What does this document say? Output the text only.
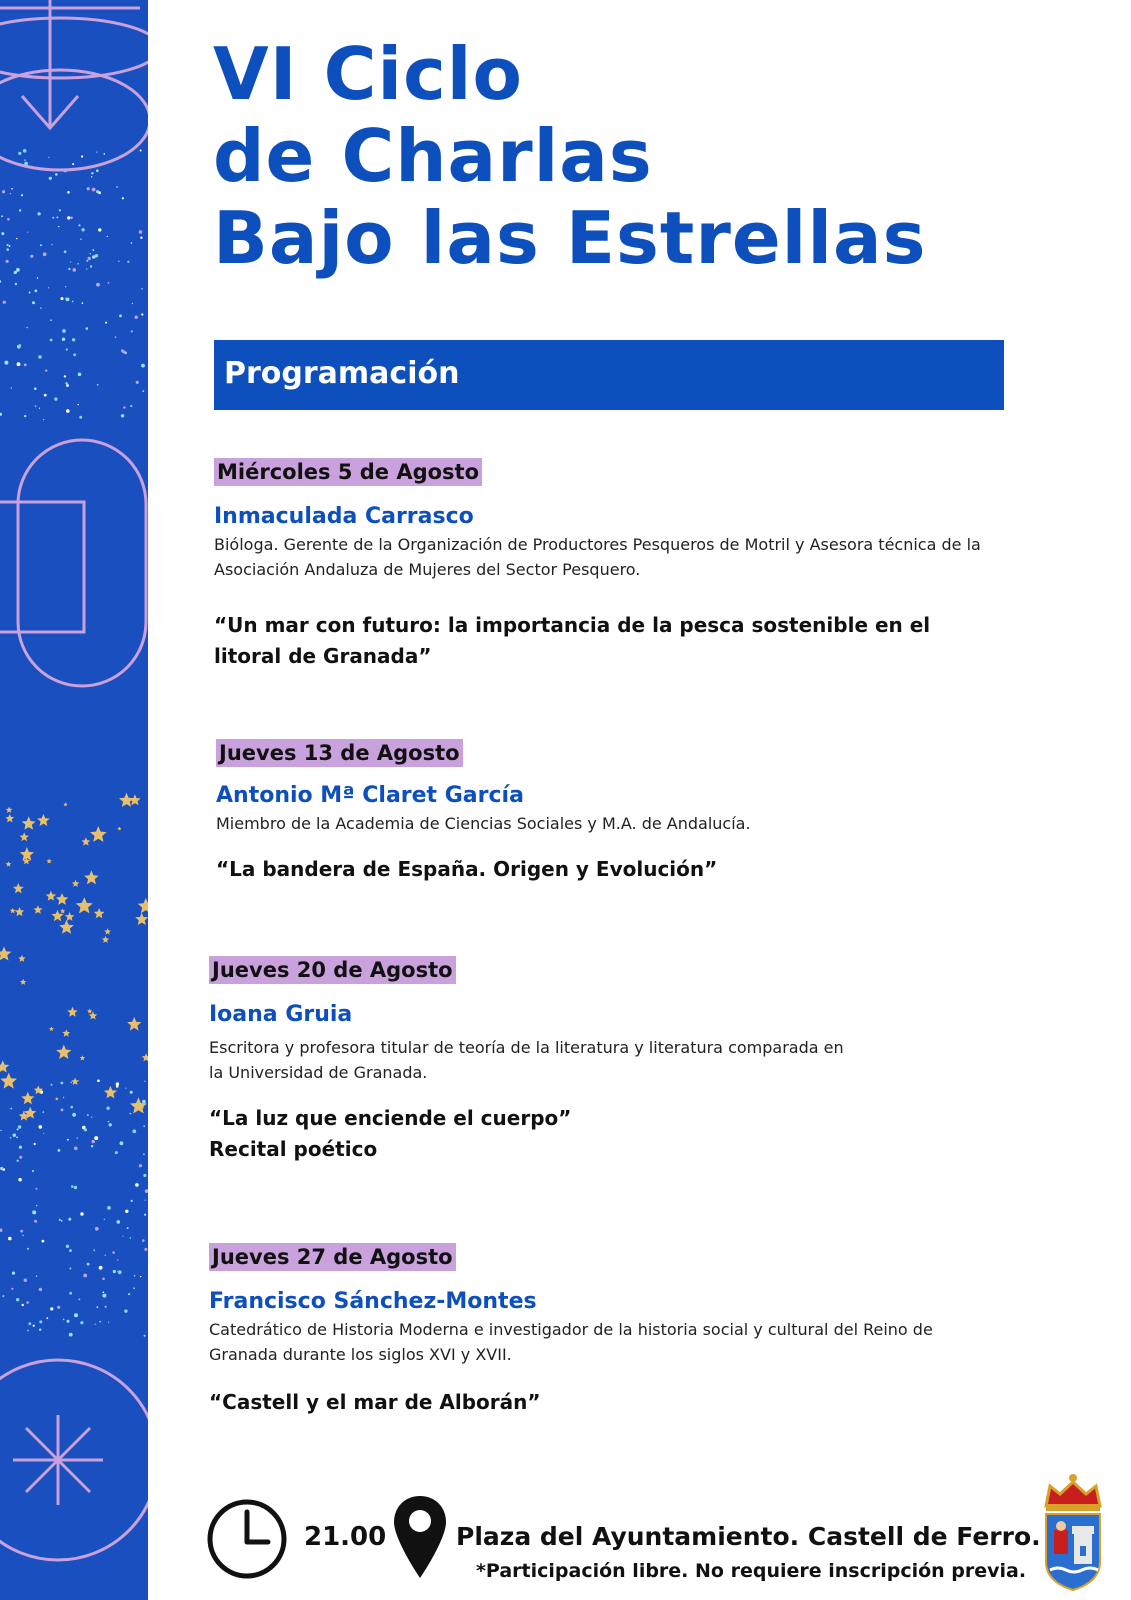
VI Ciclo
de Charlas
Bajo las Estrellas
Programación
Miércoles 5 de Agosto
Inmaculada Carrasco
Bióloga. Gerente de la Organización de Productores Pesqueros de Motril y Asesora técnica de la Asociación Andaluza de Mujeres del Sector Pesquero.
“Un mar con futuro: la importancia de la pesca sostenible en el litoral de Granada”
Jueves 13 de Agosto
Antonio Mª Claret García
Miembro de la Academia de Ciencias Sociales y M.A. de Andalucía.
“La bandera de España. Origen y Evolución”
Jueves 20 de Agosto
Ioana Gruia
Escritora y profesora titular de teoría de la literatura y literatura comparada en la Universidad de Granada.
“La luz que enciende el cuerpo”
Recital poético
Jueves 27 de Agosto
Francisco Sánchez-Montes
Catedrático de Historia Moderna e investigador de la historia social y cultural del Reino de Granada durante los siglos XVI y XVII.
“Castell y el mar de Alborán”
21.00	Plaza del Ayuntamiento. Castell de Ferro.
*Participación libre. No requiere inscripción previa.
